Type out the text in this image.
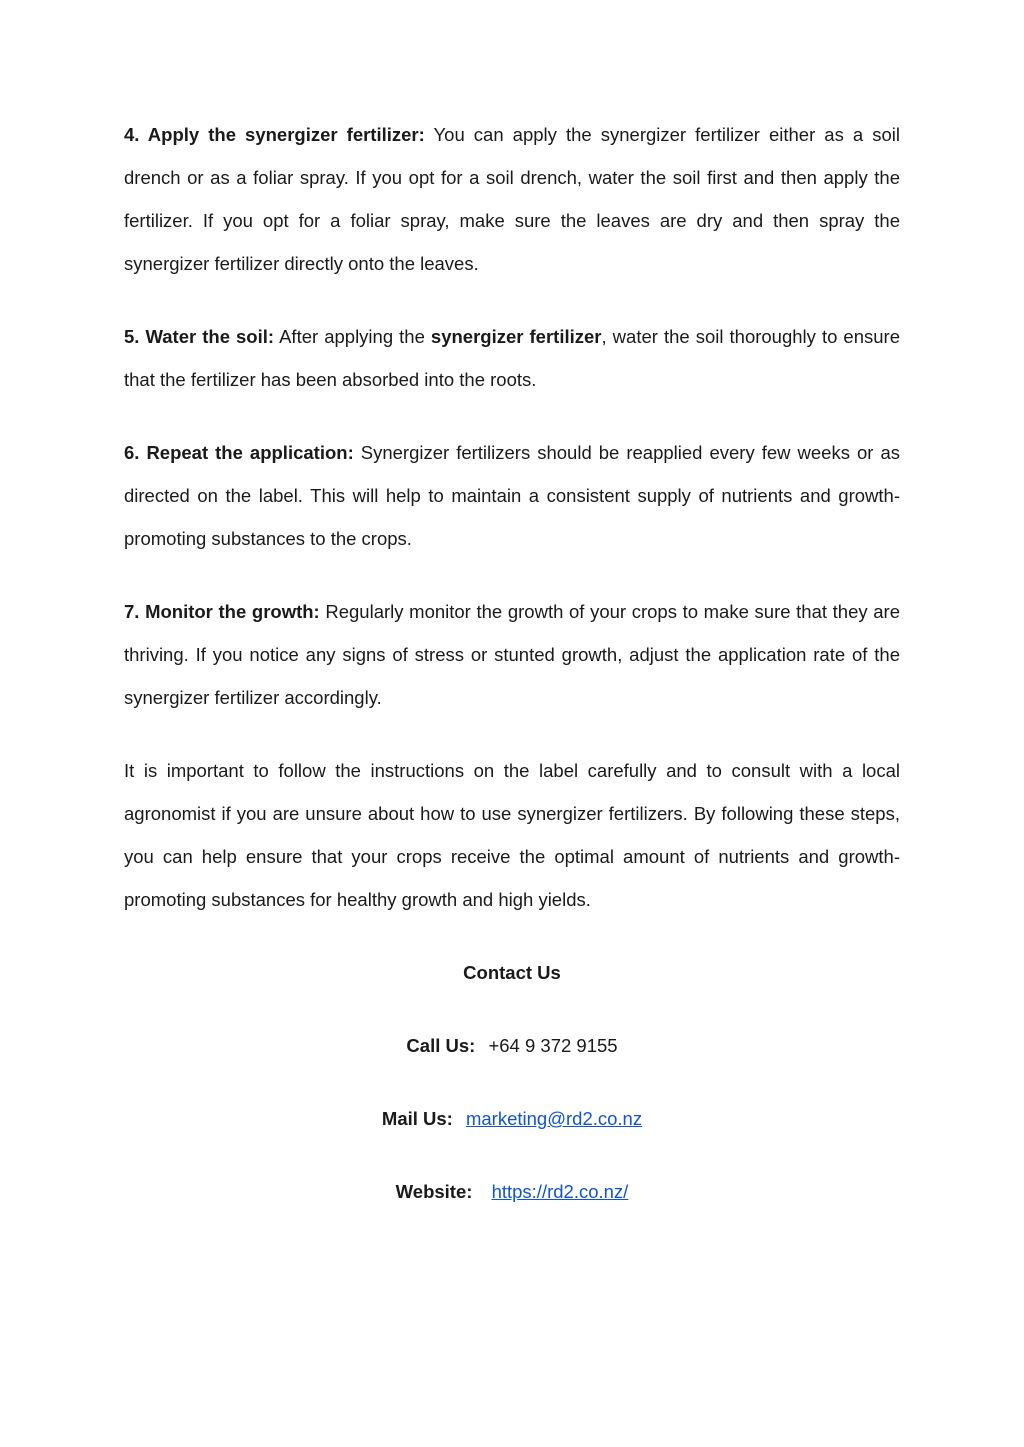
4. Apply the synergizer fertilizer: You can apply the synergizer fertilizer either as a soil drench or as a foliar spray. If you opt for a soil drench, water the soil first and then apply the fertilizer. If you opt for a foliar spray, make sure the leaves are dry and then spray the synergizer fertilizer directly onto the leaves.

5. Water the soil: After applying the synergizer fertilizer, water the soil thoroughly to ensure that the fertilizer has been absorbed into the roots.

6. Repeat the application: Synergizer fertilizers should be reapplied every few weeks or as directed on the label. This will help to maintain a consistent supply of nutrients and growth-promoting substances to the crops.

7. Monitor the growth: Regularly monitor the growth of your crops to make sure that they are thriving. If you notice any signs of stress or stunted growth, adjust the application rate of the synergizer fertilizer accordingly.

It is important to follow the instructions on the label carefully and to consult with a local agronomist if you are unsure about how to use synergizer fertilizers. By following these steps, you can help ensure that your crops receive the optimal amount of nutrients and growth-promoting substances for healthy growth and high yields.

Contact Us
Call Us: +64 9 372 9155
Mail Us: marketing@rd2.co.nz
Website: https://rd2.co.nz/
